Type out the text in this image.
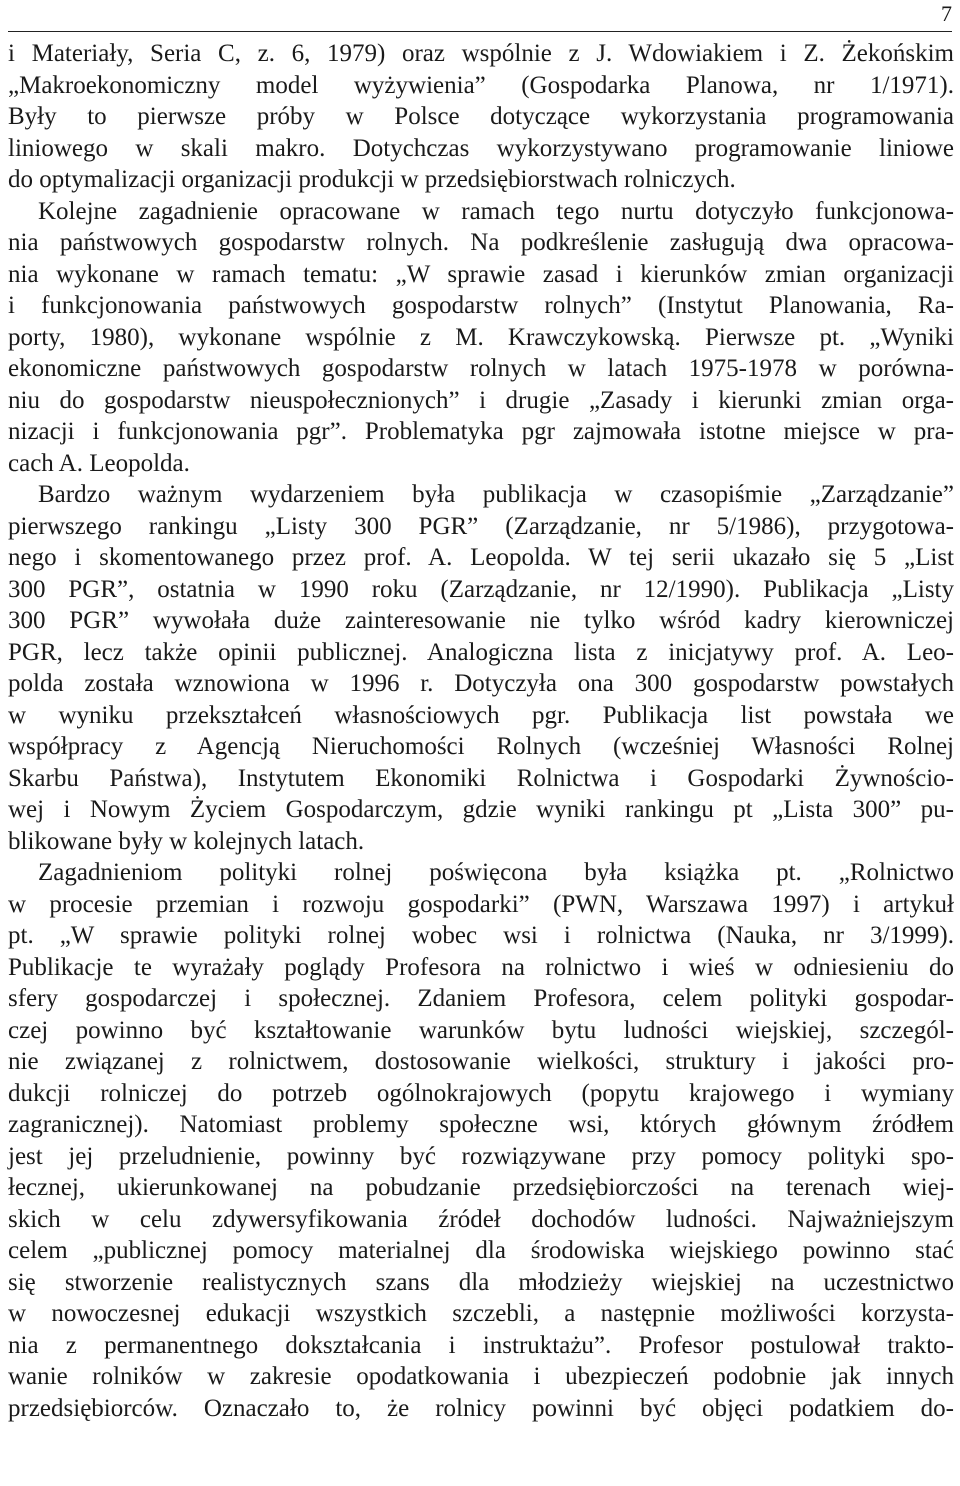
7
i Materiały, Seria C, z. 6, 1979) oraz wspólnie z J. Wdowiakiem i Z. Żekońskim
„Makroekonomiczny model wyżywienia” (Gospodarka Planowa, nr 1/1971).
Były to pierwsze próby w Polsce dotyczące wykorzystania programowania
liniowego w skali makro. Dotychczas wykorzystywano programowanie liniowe
do optymalizacji organizacji produkcji w przedsiębiorstwach rolniczych.
Kolejne zagadnienie opracowane w ramach tego nurtu dotyczyło funkcjonowa-
nia państwowych gospodarstw rolnych. Na podkreślenie zasługują dwa opracowa-
nia wykonane w ramach tematu: „W sprawie zasad i kierunków zmian organizacji
i funkcjonowania państwowych gospodarstw rolnych” (Instytut Planowania, Ra-
porty, 1980), wykonane wspólnie z M. Krawczykowską. Pierwsze pt. „Wyniki
ekonomiczne państwowych gospodarstw rolnych w latach 1975-1978 w porówna-
niu do gospodarstw nieuspołecznionych” i drugie „Zasady i kierunki zmian orga-
nizacji i funkcjonowania pgr”. Problematyka pgr zajmowała istotne miejsce w pra-
cach A. Leopolda.
Bardzo ważnym wydarzeniem była publikacja w czasopiśmie „Zarządzanie”
pierwszego rankingu „Listy 300 PGR” (Zarządzanie, nr 5/1986), przygotowa-
nego i skomentowanego przez prof. A. Leopolda. W tej serii ukazało się 5 „List
300 PGR”, ostatnia w 1990 roku (Zarządzanie, nr 12/1990). Publikacja „Listy
300 PGR” wywołała duże zainteresowanie nie tylko wśród kadry kierowniczej
PGR, lecz także opinii publicznej. Analogiczna lista z inicjatywy prof. A. Leo-
polda została wznowiona w 1996 r. Dotyczyła ona 300 gospodarstw powstałych
w wyniku przekształceń własnościowych pgr. Publikacja list powstała we
współpracy z Agencją Nieruchomości Rolnych (wcześniej Własności Rolnej
Skarbu Państwa), Instytutem Ekonomiki Rolnictwa i Gospodarki Żywnościo-
wej i Nowym Życiem Gospodarczym, gdzie wyniki rankingu pt „Lista 300” pu-
blikowane były w kolejnych latach.
Zagadnieniom polityki rolnej poświęcona była książka pt. „Rolnictwo
w procesie przemian i rozwoju gospodarki” (PWN, Warszawa 1997) i artykuł
pt. „W sprawie polityki rolnej wobec wsi i rolnictwa (Nauka, nr 3/1999).
Publikacje te wyrażały poglądy Profesora na rolnictwo i wieś w odniesieniu do
sfery gospodarczej i społecznej. Zdaniem Profesora, celem polityki gospodar-
czej powinno być kształtowanie warunków bytu ludności wiejskiej, szczegól-
nie związanej z rolnictwem, dostosowanie wielkości, struktury i jakości pro-
dukcji rolniczej do potrzeb ogólnokrajowych (popytu krajowego i wymiany
zagranicznej). Natomiast problemy społeczne wsi, których głównym źródłem
jest jej przeludnienie, powinny być rozwiązywane przy pomocy polityki spo-
łecznej, ukierunkowanej na pobudzanie przedsiębiorczości na terenach wiej-
skich w celu zdywersyfikowania źródeł dochodów ludności. Najważniejszym
celem „publicznej pomocy materialnej dla środowiska wiejskiego powinno stać
się stworzenie realistycznych szans dla młodzieży wiejskiej na uczestnictwo
w nowoczesnej edukacji wszystkich szczebli, a następnie możliwości korzysta-
nia z permanentnego dokształcania i instruktażu”. Profesor postulował trakto-
wanie rolników w zakresie opodatkowania i ubezpieczeń podobnie jak innych
przedsiębiorców. Oznaczało to, że rolnicy powinni być objęci podatkiem do-
